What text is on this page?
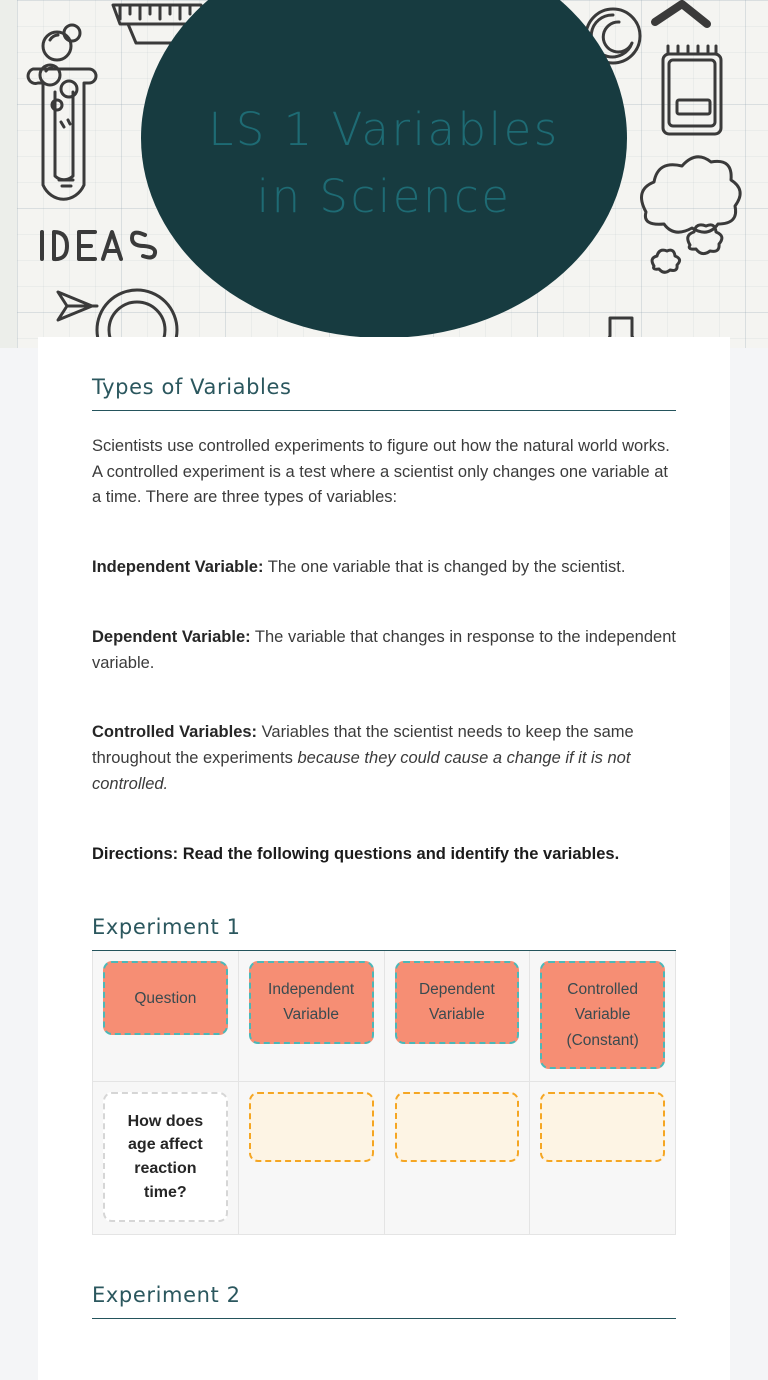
LS 1 Variables in Science
Types of Variables

Scientists use controlled experiments to figure out how the natural world works. A controlled experiment is a test where a scientist only changes one variable at a time. There are three types of variables:

Independent Variable: The one variable that is changed by the scientist.

Dependent Variable: The variable that changes in response to the independent variable.

Controlled Variables: Variables that the scientist needs to keep the same throughout the experiments because they could cause a change if it is not controlled.

Directions: Read the following questions and identify the variables.

Experiment 1
Question	Independent Variable	Dependent Variable	Controlled Variable (Constant)

How does age affect reaction time?			

Experiment 2
